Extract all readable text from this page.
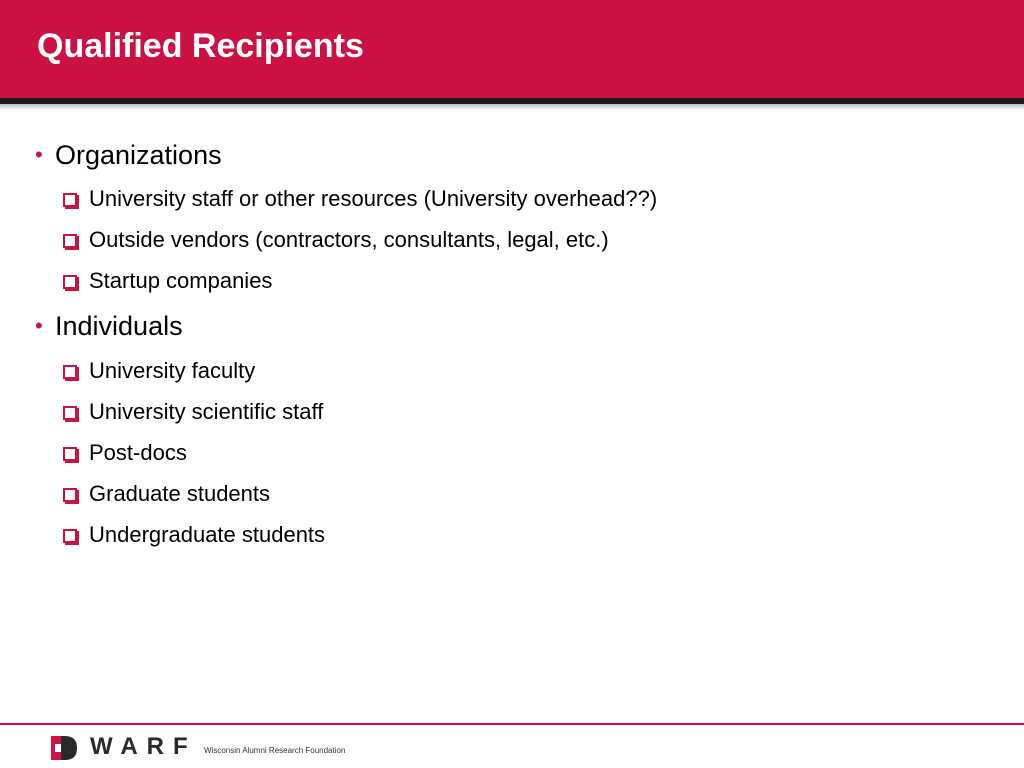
Qualified Recipients
• Organizations
University staff or other resources (University overhead??)
Outside vendors (contractors, consultants, legal, etc.)
Startup companies
• Individuals
University faculty
University scientific staff
Post-docs
Graduate students
Undergraduate students
WARF Wisconsin Alumni Research Foundation
